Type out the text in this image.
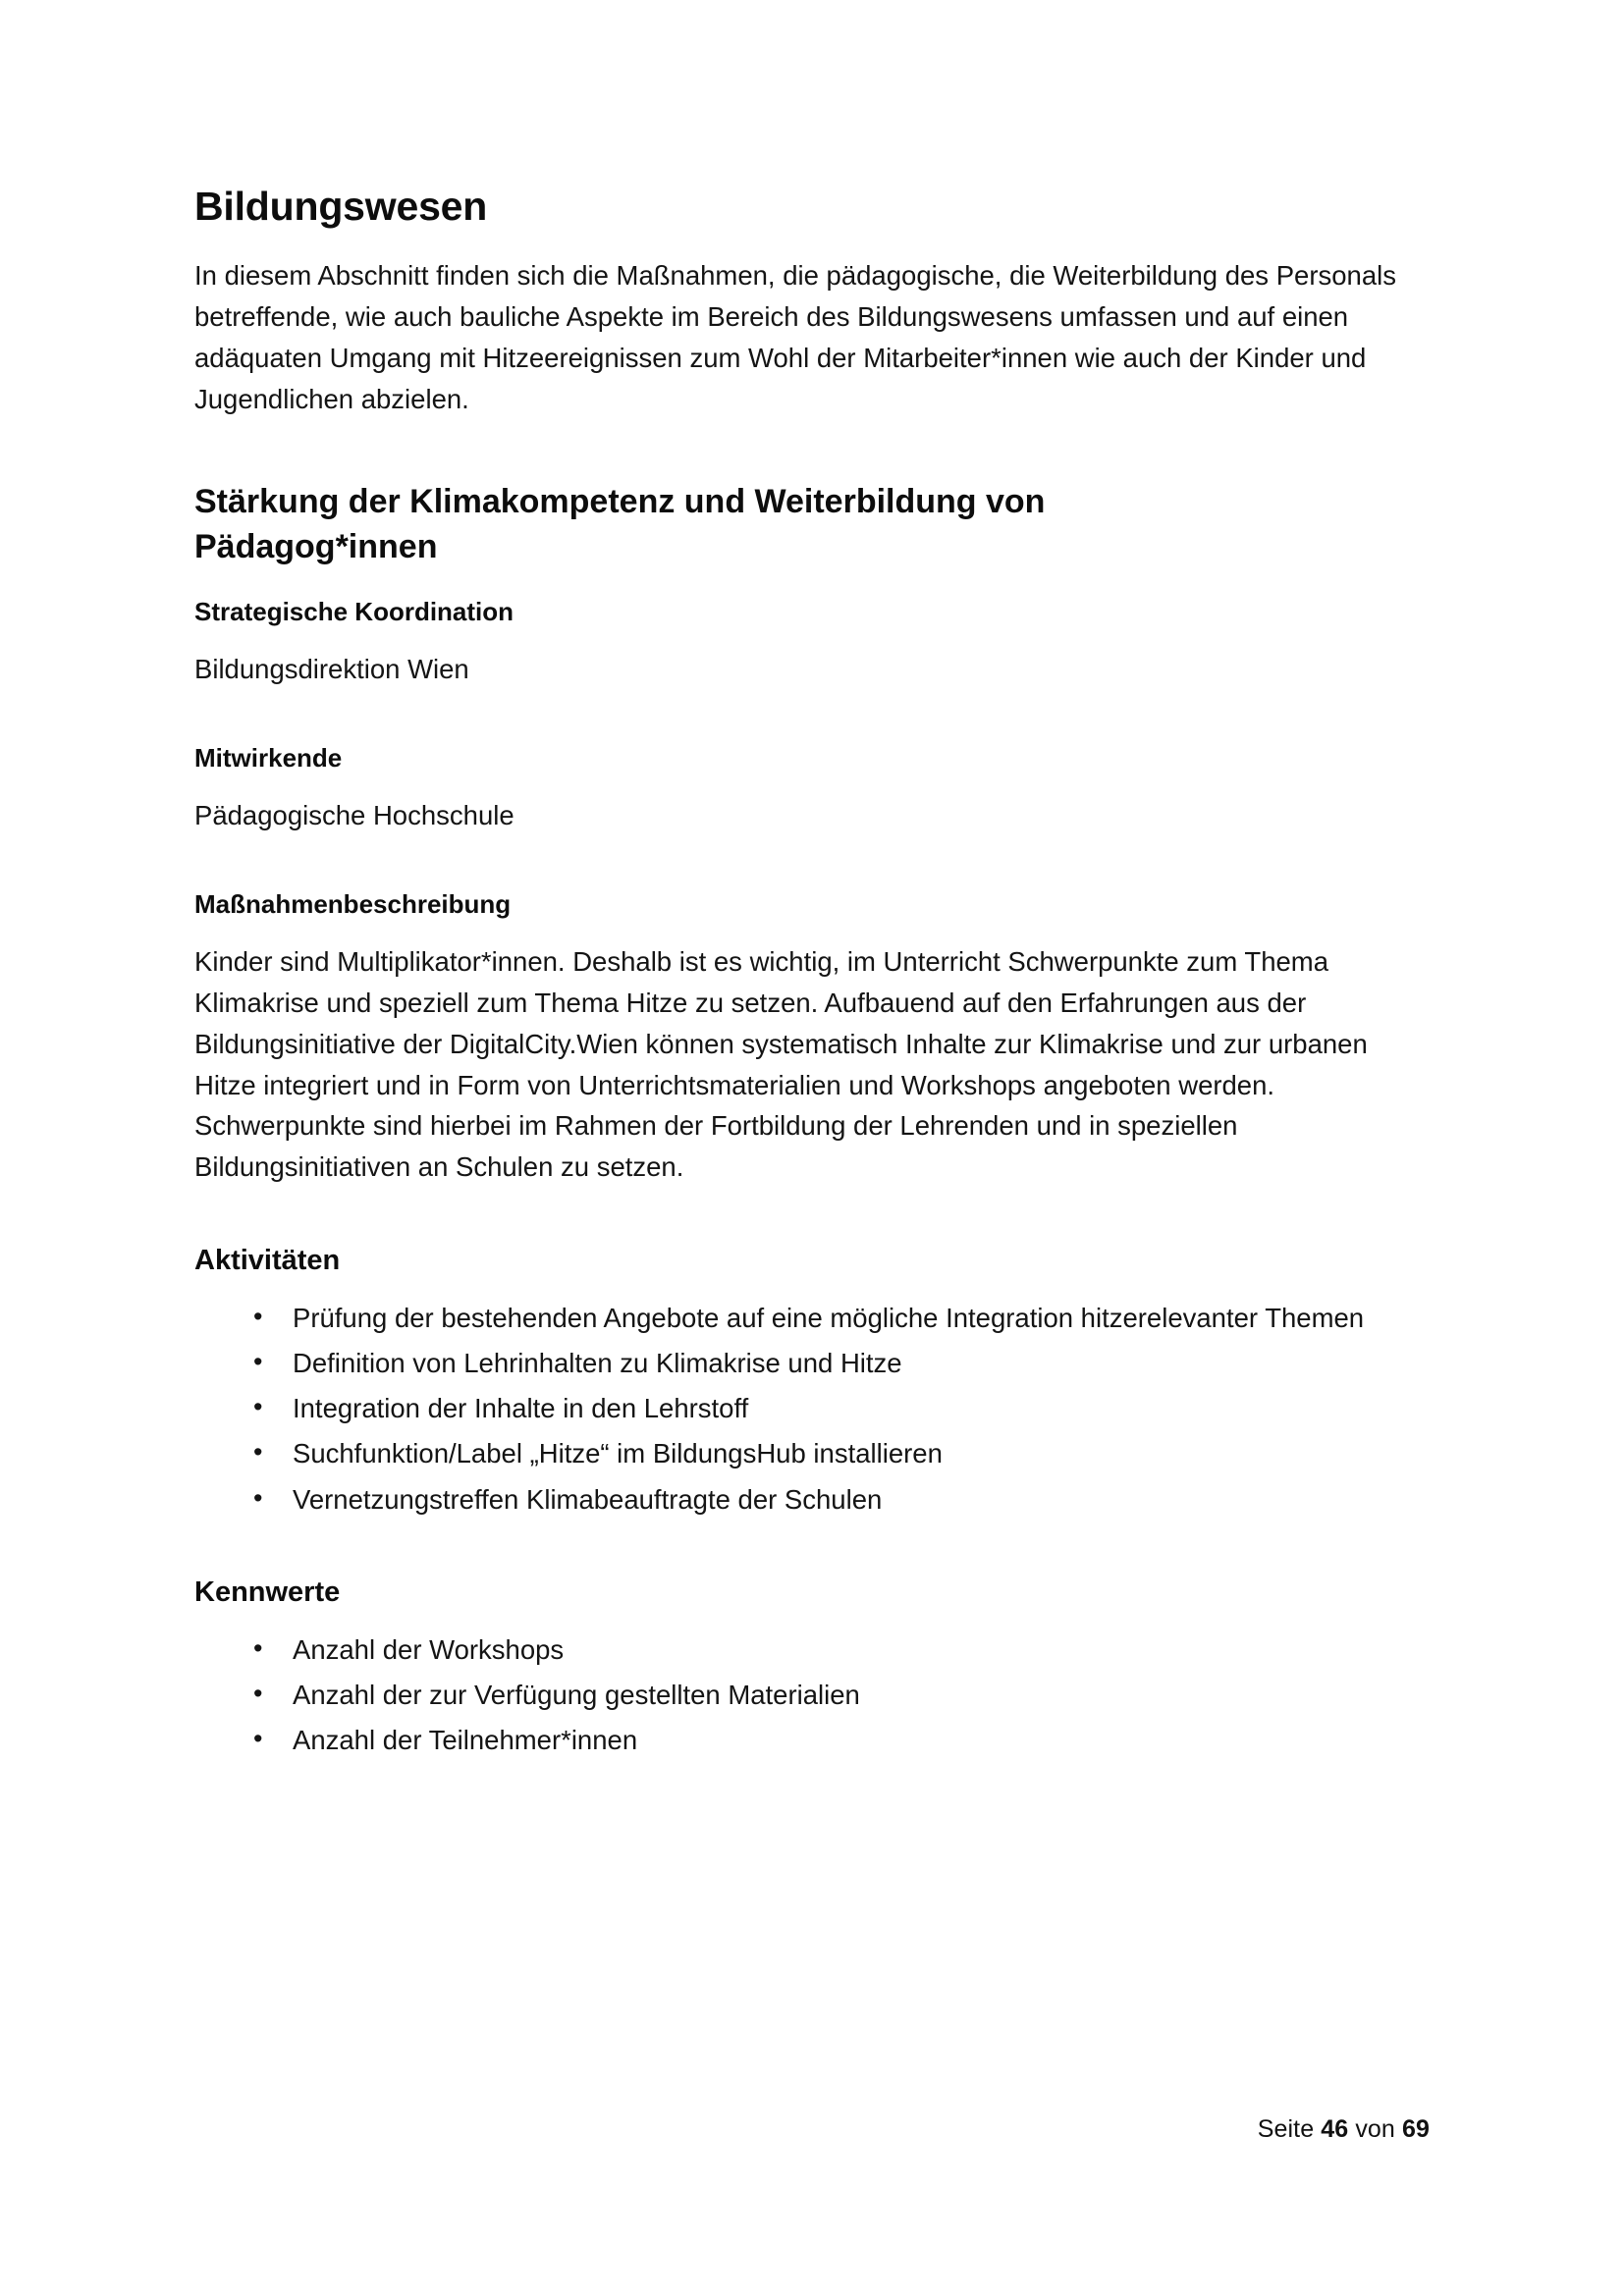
Bildungswesen

In diesem Abschnitt finden sich die Maßnahmen, die pädagogische, die Weiterbildung des Personals betreffende, wie auch bauliche Aspekte im Bereich des Bildungswesens umfassen und auf einen adäquaten Umgang mit Hitzeereignissen zum Wohl der Mitarbeiter*innen wie auch der Kinder und Jugendlichen abzielen.

Stärkung der Klimakompetenz und Weiterbildung von Pädagog*innen
Strategische Koordination

Bildungsdirektion Wien

Mitwirkende

Pädagogische Hochschule

Maßnahmenbeschreibung

Kinder sind Multiplikator*innen. Deshalb ist es wichtig, im Unterricht Schwerpunkte zum Thema Klimakrise und speziell zum Thema Hitze zu setzen. Aufbauend auf den Erfahrungen aus der Bildungsinitiative der DigitalCity.Wien können systematisch Inhalte zur Klimakrise und zur urbanen Hitze integriert und in Form von Unterrichtsmaterialien und Workshops angeboten werden. Schwerpunkte sind hierbei im Rahmen der Fortbildung der Lehrenden und in speziellen Bildungsinitiativen an Schulen zu setzen.

Aktivitäten
• Prüfung der bestehenden Angebote auf eine mögliche Integration hitzerelevanter Themen
• Definition von Lehrinhalten zu Klimakrise und Hitze
• Integration der Inhalte in den Lehrstoff
• Suchfunktion/Label „Hitze“ im BildungsHub installieren
• Vernetzungstreffen Klimabeauftragte der Schulen
Kennwerte
• Anzahl der Workshops
• Anzahl der zur Verfügung gestellten Materialien
• Anzahl der Teilnehmer*innen
Seite 46 von 69
